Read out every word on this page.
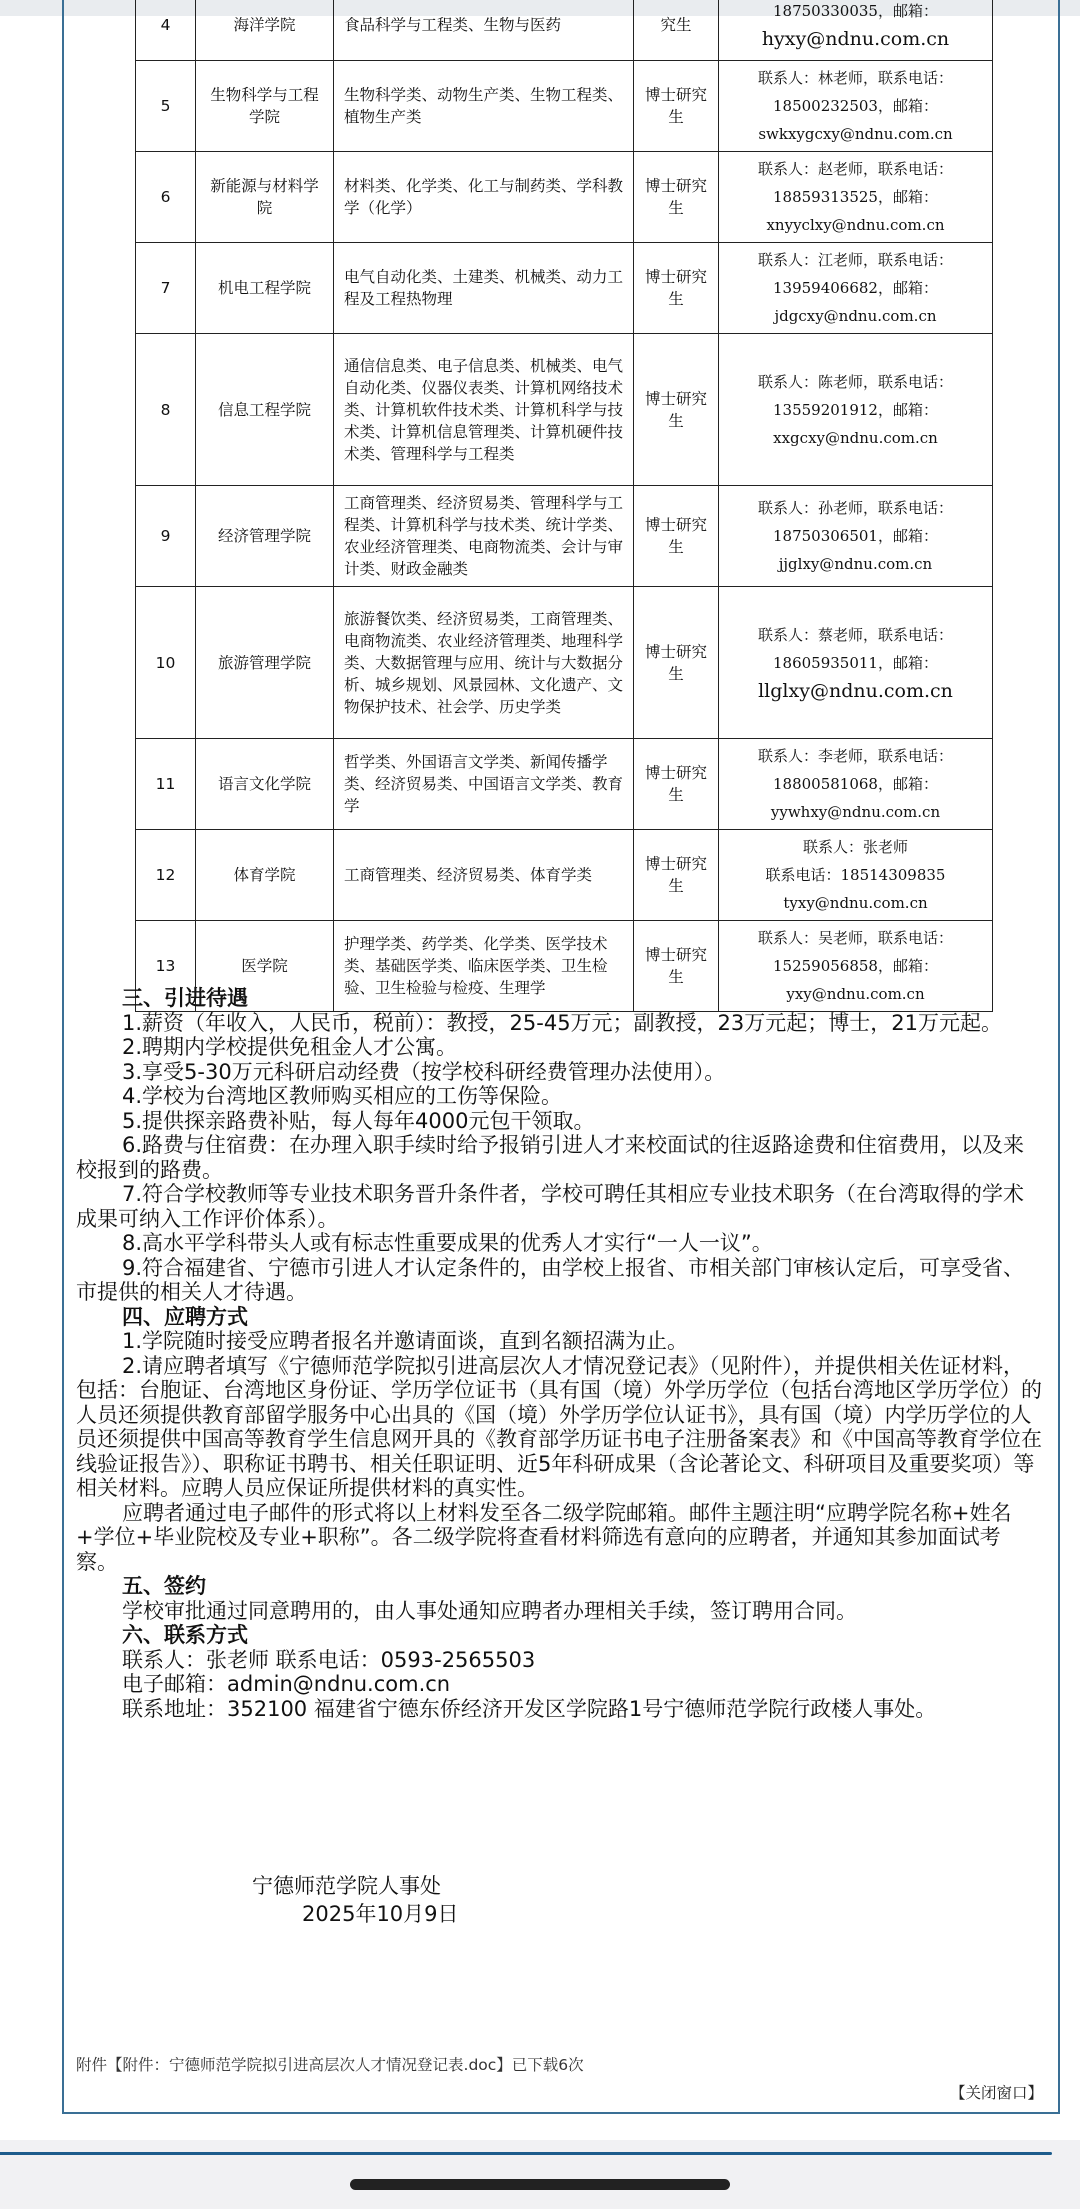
4	海洋学院	食品科学与工程类、生物与医药	究生	18750330035，邮箱：
hyxy@ndnu.com.cn

5	生物科学与工程学院	生物科学类、动物生产类、生物工程类、植物生产类	博士研究生	联系人：林老师，联系电话：
18500232503，邮箱：
swkxygcxy@ndnu.com.cn

6	新能源与材料学院	材料类、化学类、化工与制药类、学科教学（化学）	博士研究生	联系人：赵老师，联系电话：
18859313525，邮箱：
xnyyclxy@ndnu.com.cn

7	机电工程学院	电气自动化类、土建类、机械类、动力工程及工程热物理	博士研究生	联系人：江老师，联系电话：
13959406682，邮箱：
jdgcxy@ndnu.com.cn

8	信息工程学院	通信信息类、电子信息类、机械类、电气自动化类、仪器仪表类、计算机网络技术类、计算机软件技术类、计算机科学与技术类、计算机信息管理类、计算机硬件技术类、管理科学与工程类	博士研究生	联系人：陈老师，联系电话：
13559201912，邮箱：
xxgcxy@ndnu.com.cn

9	经济管理学院	工商管理类、经济贸易类、管理科学与工程类、计算机科学与技术类、统计学类、农业经济管理类、电商物流类、会计与审计类、财政金融类	博士研究生	联系人：孙老师，联系电话：
18750306501，邮箱：
jjglxy@ndnu.com.cn

10	旅游管理学院	旅游餐饮类、经济贸易类，工商管理类、电商物流类、农业经济管理类、地理科学类、大数据管理与应用、统计与大数据分析、城乡规划、风景园林、文化遗产、文物保护技术、社会学、历史学类	博士研究生	联系人：蔡老师，联系电话：
18605935011，邮箱：
llglxy@ndnu.com.cn

11	语言文化学院	哲学类、外国语言文学类、新闻传播学类、经济贸易类、中国语言文学类、教育学	博士研究生	联系人：李老师，联系电话：
18800581068，邮箱：
yywhxy@ndnu.com.cn

12	体育学院	工商管理类、经济贸易类、体育学类	博士研究生	联系人：张老师
联系电话：18514309835
tyxy@ndnu.com.cn

13	医学院	护理学类、药学类、化学类、医学技术类、基础医学类、临床医学类、卫生检验、卫生检验与检疫、生理学	博士研究生	联系人：吴老师，联系电话：
15259056858，邮箱：
yxy@ndnu.com.cn

三、引进待遇

1.薪资（年收入，人民币，税前）：教授，25-45万元；副教授，23万元起；博士，21万元起。

2.聘期内学校提供免租金人才公寓。

3.享受5-30万元科研启动经费（按学校科研经费管理办法使用）。

4.学校为台湾地区教师购买相应的工伤等保险。

5.提供探亲路费补贴，每人每年4000元包干领取。

6.路费与住宿费：在办理入职手续时给予报销引进人才来校面试的往返路途费和住宿费用，以及来校报到的路费。

7.符合学校教师等专业技术职务晋升条件者，学校可聘任其相应专业技术职务（在台湾取得的学术成果可纳入工作评价体系）。

8.高水平学科带头人或有标志性重要成果的优秀人才实行“一人一议”。

9.符合福建省、宁德市引进人才认定条件的，由学校上报省、市相关部门审核认定后，可享受省、市提供的相关人才待遇。

四、应聘方式

1.学院随时接受应聘者报名并邀请面谈，直到名额招满为止。

2.请应聘者填写《宁德师范学院拟引进高层次人才情况登记表》（见附件），并提供相关佐证材料，包括：台胞证、台湾地区身份证、学历学位证书（具有国（境）外学历学位（包括台湾地区学历学位）的人员还须提供教育部留学服务中心出具的《国（境）外学历学位认证书》，具有国（境）内学历学位的人员还须提供中国高等教育学生信息网开具的《教育部学历证书电子注册备案表》和《中国高等教育学位在线验证报告》）、职称证书聘书、相关任职证明、近5年科研成果（含论著论文、科研项目及重要奖项）等相关材料。应聘人员应保证所提供材料的真实性。

应聘者通过电子邮件的形式将以上材料发至各二级学院邮箱。邮件主题注明“应聘学院名称+姓名+学位+毕业院校及专业+职称”。各二级学院将查看材料筛选有意向的应聘者，并通知其参加面试考察。

五、签约

学校审批通过同意聘用的，由人事处通知应聘者办理相关手续，签订聘用合同。

六、联系方式

联系人：张老师 联系电话：0593-2565503

电子邮箱：admin@ndnu.com.cn

联系地址：352100 福建省宁德东侨经济开发区学院路1号宁德师范学院行政楼人事处。

宁德师范学院人事处
2025年10月9日
附件【附件：宁德师范学院拟引进高层次人才情况登记表.doc】已下载6次
【关闭窗口】
